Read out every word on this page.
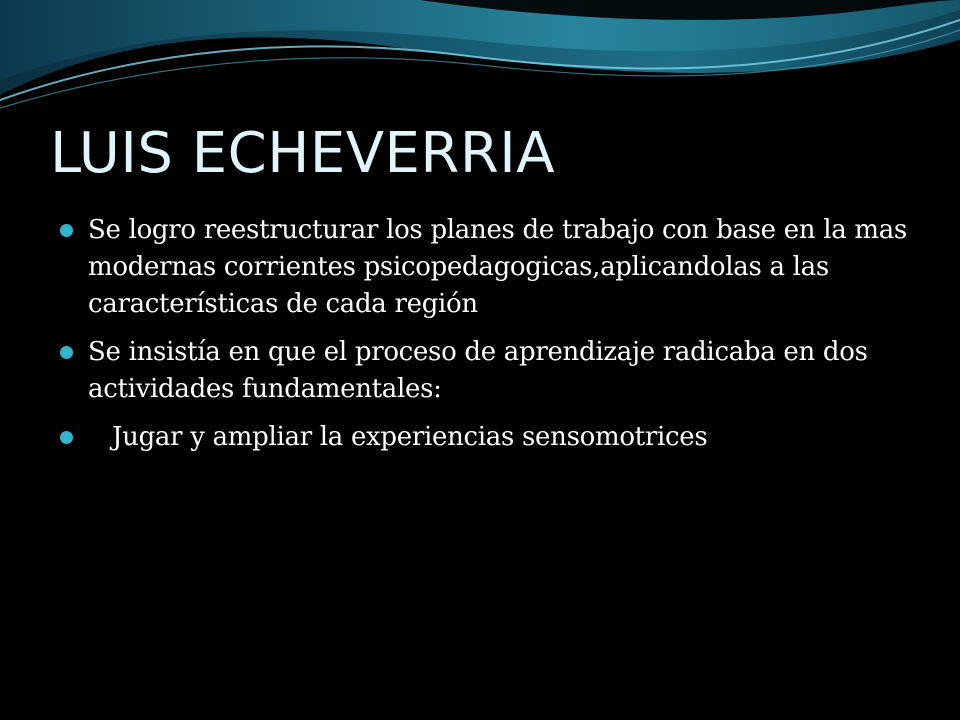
LUIS ECHEVERRIA
Se logro reestructurar los planes de trabajo con base en la mas modernas corrientes psicopedagogicas,aplicandolas a las características de cada región
Se insistía en que el proceso de aprendizaje radicaba en dos actividades fundamentales:
Jugar y ampliar la experiencias sensomotrices
